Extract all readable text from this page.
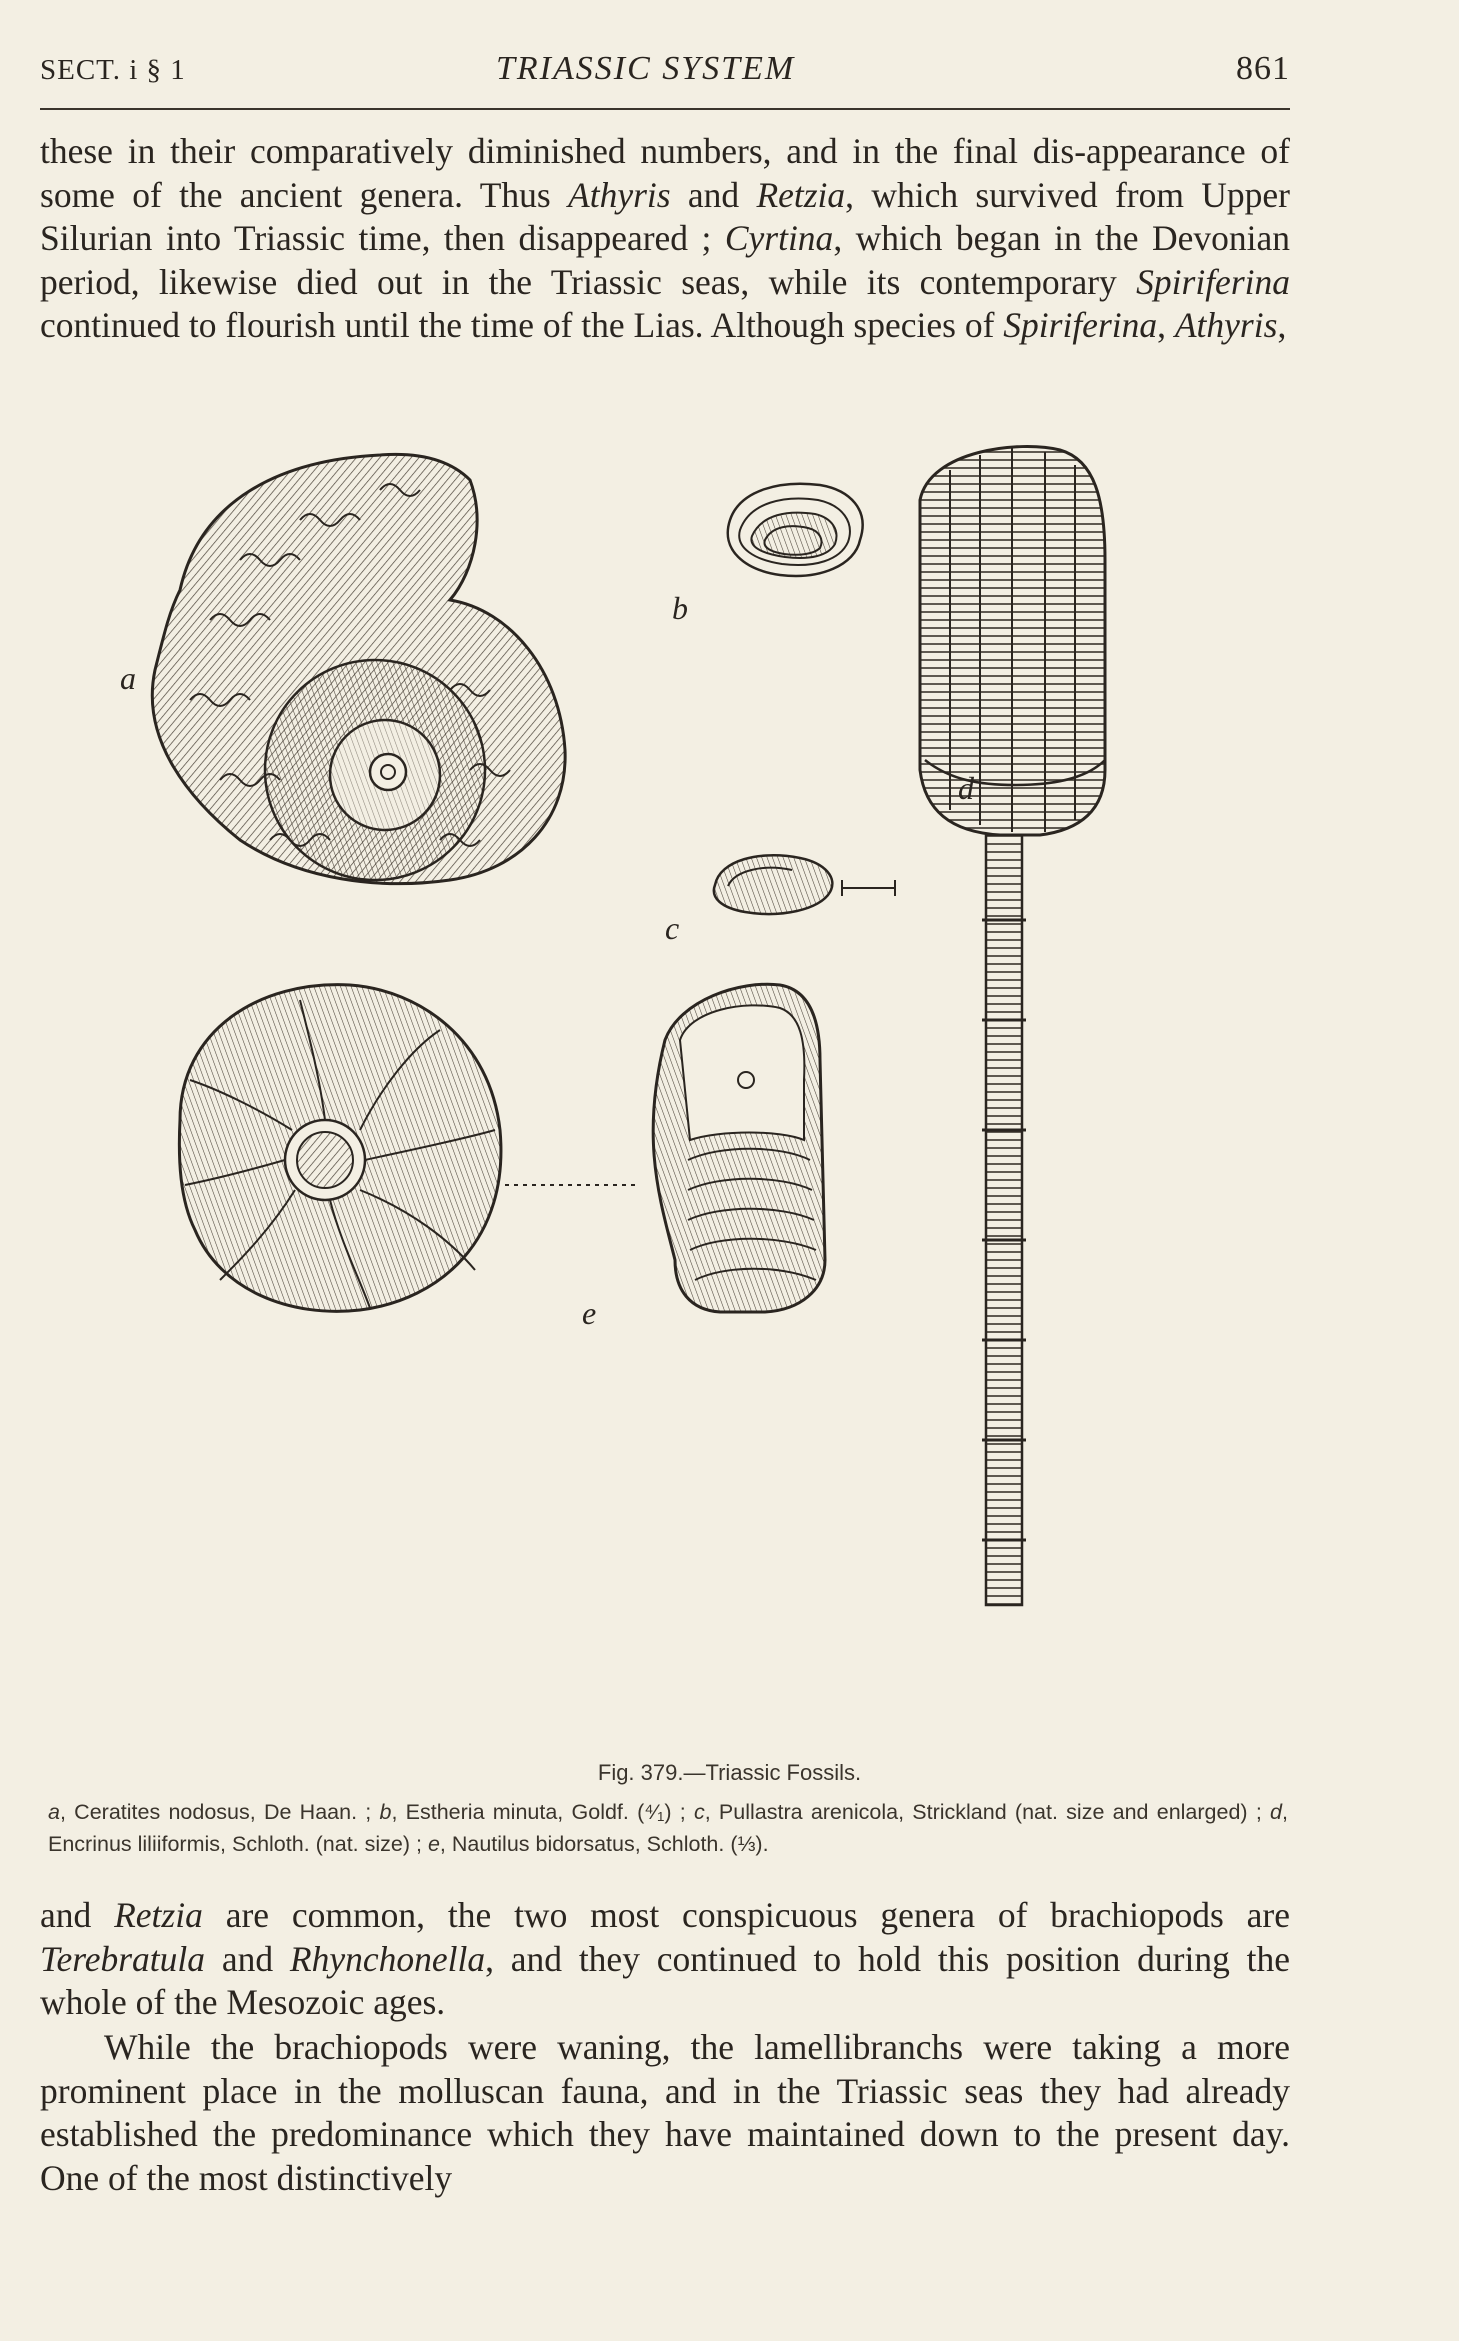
SECT. i § 1	TRIASSIC SYSTEM	861

these in their comparatively diminished numbers, and in the final dis-appearance of some of the ancient genera. Thus Athyris and Retzia, which survived from Upper Silurian into Triassic time, then disappeared ; Cyrtina, which began in the Devonian period, likewise died out in the Triassic seas, while its contemporary Spiriferina continued to flourish until the time of the Lias. Although species of Spiriferina, Athyris,

a
b
c
d
e
Fig. 379.—Triassic Fossils.
a, Ceratites nodosus, De Haan. ; b, Estheria minuta, Goldf. (⁴⁄₁) ; c, Pullastra arenicola, Strickland (nat. size and enlarged) ; d, Encrinus liliiformis, Schloth. (nat. size) ; e, Nautilus bidorsatus, Schloth. (⅓).

and Retzia are common, the two most conspicuous genera of brachiopods are Terebratula and Rhynchonella, and they continued to hold this position during the whole of the Mesozoic ages.

While the brachiopods were waning, the lamellibranchs were taking a more prominent place in the molluscan fauna, and in the Triassic seas they had already established the predominance which they have maintained down to the present day. One of the most distinctively
